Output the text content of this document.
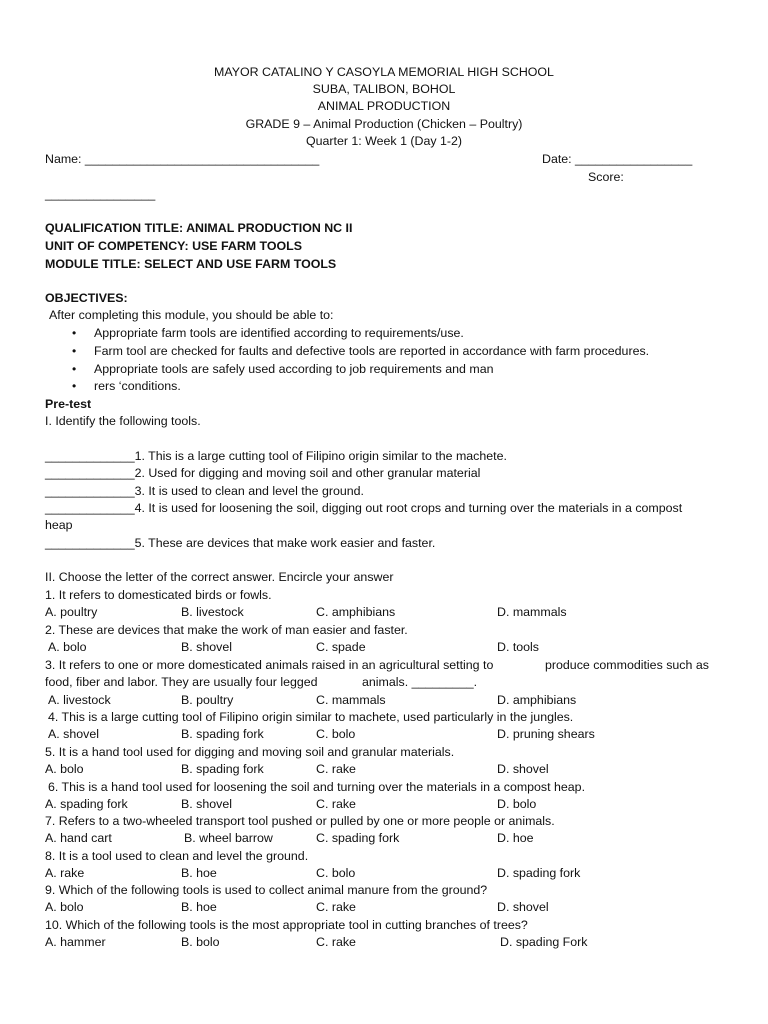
MAYOR CATALINO Y CASOYLA MEMORIAL HIGH SCHOOL
SUBA, TALIBON, BOHOL
ANIMAL PRODUCTION
GRADE 9 – Animal Production (Chicken – Poultry)
Quarter 1: Week 1 (Day 1-2)
Name: __________________________________	Date: _________________
Score:
________________
QUALIFICATION TITLE: ANIMAL PRODUCTION NC II
UNIT OF COMPETENCY: USE FARM TOOLS
MODULE TITLE: SELECT AND USE FARM TOOLS
OBJECTIVES:
After completing this module, you should be able to:
• Appropriate farm tools are identified according to requirements/use.
• Farm tool are checked for faults and defective tools are reported in accordance with farm procedures.
• Appropriate tools are safely used according to job requirements and man
• rers ‘conditions.
Pre-test
I. Identify the following tools.
_____________1. This is a large cutting tool of Filipino origin similar to the machete.
_____________2. Used for digging and moving soil and other granular material
_____________3. It is used to clean and level the ground.
_____________4. It is used for loosening the soil, digging out root crops and turning over the materials in a compost
heap
_____________5. These are devices that make work easier and faster.
II. Choose the letter of the correct answer. Encircle your answer
1. It refers to domesticated birds or fowls.
A. poultry	B. livestock	C. amphibians	D. mammals
2. These are devices that make the work of man easier and faster.
A. bolo	B. shovel	C. spade	D. tools
3. It refers to one or more domesticated animals raised in an agricultural setting to	produce commodities such as
food, fiber and labor. They are usually four legged	animals. _________.
A. livestock	B. poultry	C. mammals	D. amphibians
4. This is a large cutting tool of Filipino origin similar to machete, used particularly in the jungles.
A. shovel	B. spading fork	C. bolo	D. pruning shears
5. It is a hand tool used for digging and moving soil and granular materials.
A. bolo	B. spading fork	C. rake	D. shovel
6. This is a hand tool used for loosening the soil and turning over the materials in a compost heap.
A. spading fork	B. shovel	C. rake	D. bolo
7. Refers to a two-wheeled transport tool pushed or pulled by one or more people or animals.
A. hand cart	B. wheel barrow	C. spading fork	D. hoe
8. It is a tool used to clean and level the ground.
A. rake	B. hoe	C. bolo	D. spading fork
9. Which of the following tools is used to collect animal manure from the ground?
A. bolo	B. hoe	C. rake	D. shovel
10. Which of the following tools is the most appropriate tool in cutting branches of trees?
A. hammer	B. bolo	C. rake	D. spading Fork
